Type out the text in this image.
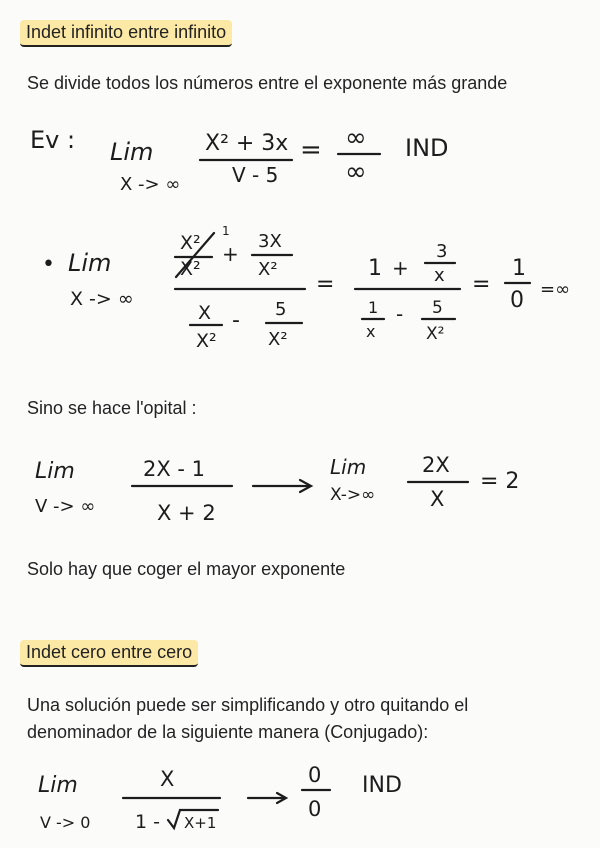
Indet infinito entre infinito
Se divide todos los números entre el exponente más grande
Ev : Lim
X -> ∞
X² + 3x
V - 5
= ∞
∞
IND
• Lim
X -> ∞
X²
1
X²
+
3X
X²
X
X²
- 5
X²
=
1 +
3
x
1
x
- 5
X²
=
1
0 =∞
Sino se hace l'opital :
Lim
V -> ∞
2X - 1
X + 2
Lim
X->∞
2X
X
= 2
Solo hay que coger el mayor exponente
Indet cero entre cero
Una solución puede ser simplificando y otro quitando el denominador de la siguiente manera (Conjugado):
Lim
V -> 0
X
1 - X+1
0
0
IND
